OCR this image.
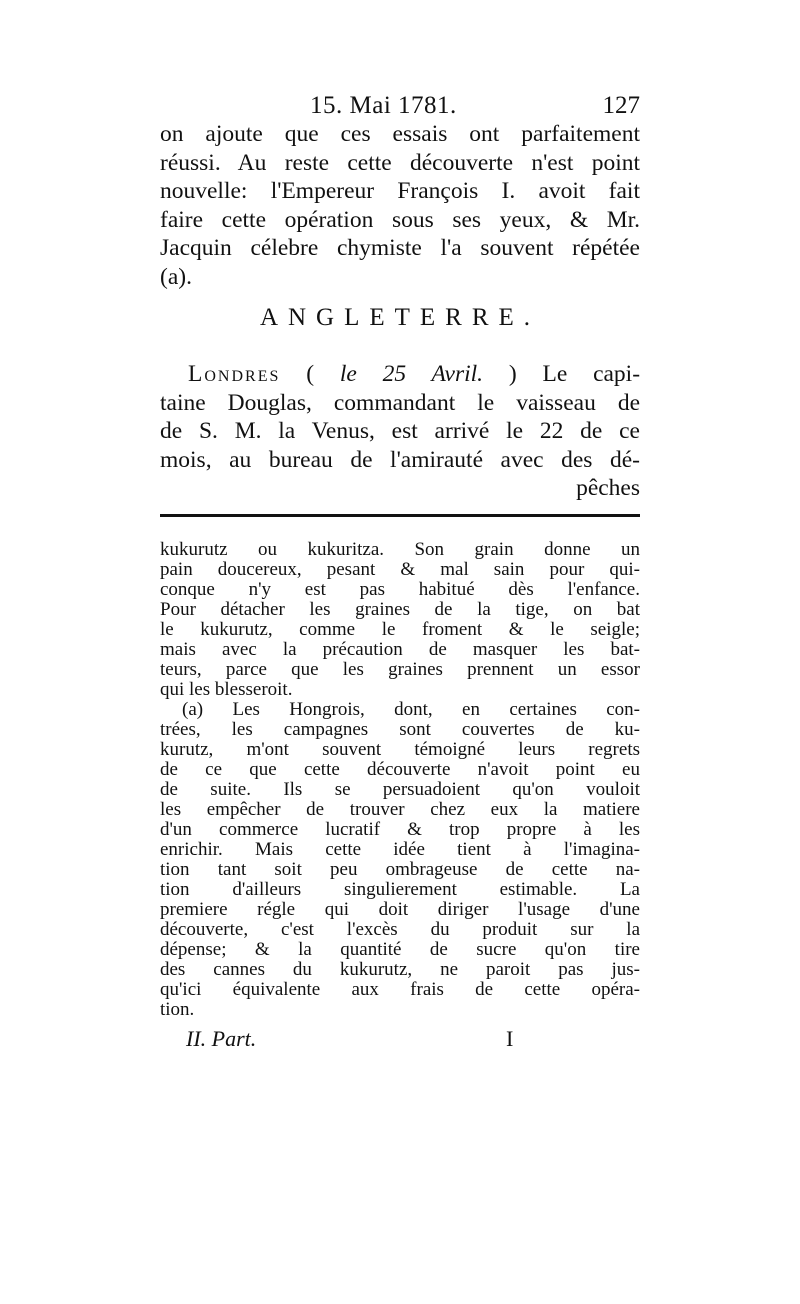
15. Mai 1781.	127
on ajoute que ces essais ont parfaitement
réussi. Au reste cette découverte n'est point
nouvelle: l'Empereur François I. avoit fait
faire cette opération sous ses yeux, & Mr.
Jacquin célebre chymiste l'a souvent répétée
(a).
ANGLETERRE.
Londres ( le 25 Avril. ) Le capi-
taine Douglas, commandant le vaisseau de
de S. M. la Venus, est arrivé le 22 de ce
mois, au bureau de l'amirauté avec des dé-
pêches
kukurutz ou kukuritza. Son grain donne un
pain doucereux, pesant & mal sain pour qui-
conque n'y est pas habitué dès l'enfance.
Pour détacher les graines de la tige, on bat
le kukurutz, comme le froment & le seigle;
mais avec la précaution de masquer les bat-
teurs, parce que les graines prennent un essor
qui les blesseroit.
(a) Les Hongrois, dont, en certaines con-
trées, les campagnes sont couvertes de ku-
kurutz, m'ont souvent témoigné leurs regrets
de ce que cette découverte n'avoit point eu
de suite. Ils se persuadoient qu'on vouloit
les empêcher de trouver chez eux la matiere
d'un commerce lucratif & trop propre à les
enrichir. Mais cette idée tient à l'imagina-
tion tant soit peu ombrageuse de cette na-
tion d'ailleurs singulierement estimable. La
premiere régle qui doit diriger l'usage d'une
découverte, c'est l'excès du produit sur la
dépense; & la quantité de sucre qu'on tire
des cannes du kukurutz, ne paroit pas jus-
qu'ici équivalente aux frais de cette opéra-
tion.
II. Part.	I
